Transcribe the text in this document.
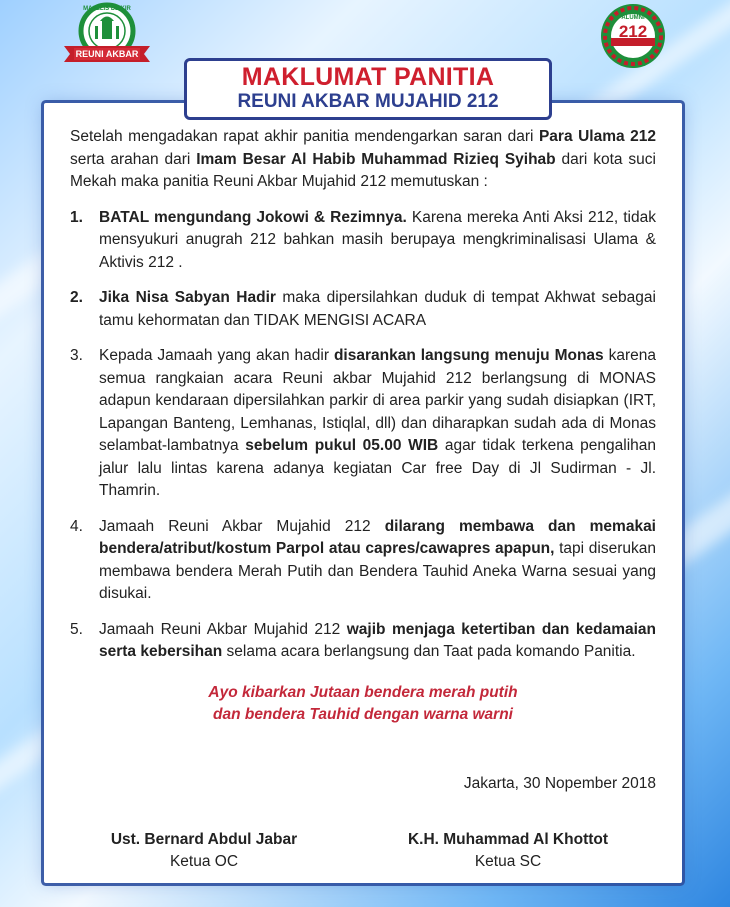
MAJELIS DZIKIR
REUNI AKBAR
ALUMNI
212
MAKLUMAT PANITIA
REUNI AKBAR MUJAHID 212
Setelah mengadakan rapat akhir panitia mendengarkan saran dari Para Ulama 212 serta arahan dari Imam Besar Al Habib Muhammad Rizieq Syihab dari kota suci Mekah maka panitia Reuni Akbar Mujahid 212 memutuskan :
1.	BATAL mengundang Jokowi & Rezimnya. Karena mereka Anti Aksi 212, tidak mensyukuri anugrah 212 bahkan masih berupaya mengkriminalisasi Ulama & Aktivis 212 .
2.	Jika Nisa Sabyan Hadir maka dipersilahkan duduk di tempat Akhwat sebagai tamu kehormatan dan TIDAK MENGISI ACARA
3.	Kepada Jamaah yang akan hadir disarankan langsung menuju Monas karena semua rangkaian acara Reuni akbar Mujahid 212 berlangsung di MONAS adapun kendaraan dipersilahkan parkir di area parkir yang sudah disiapkan (IRT, Lapangan Banteng, Lemhanas, Istiqlal, dll) dan diharapkan sudah ada di Monas selambat-lambatnya sebelum pukul 05.00 WIB agar tidak terkena pengalihan jalur lalu lintas karena adanya kegiatan Car free Day di Jl Sudirman - Jl. Thamrin.
4.	Jamaah Reuni Akbar Mujahid 212 dilarang membawa dan memakai bendera/atribut/kostum Parpol atau capres/cawapres apapun, tapi diserukan membawa bendera Merah Putih dan Bendera Tauhid Aneka Warna sesuai yang disukai.
5.	Jamaah Reuni Akbar Mujahid 212 wajib menjaga ketertiban dan kedamaian serta kebersihan selama acara berlangsung dan Taat pada komando Panitia.
Ayo kibarkan Jutaan bendera merah putih
dan bendera Tauhid dengan warna warni
Jakarta, 30 Nopember 2018
Ust. Bernard Abdul Jabar
Ketua OC
K.H. Muhammad Al Khottot
Ketua SC
